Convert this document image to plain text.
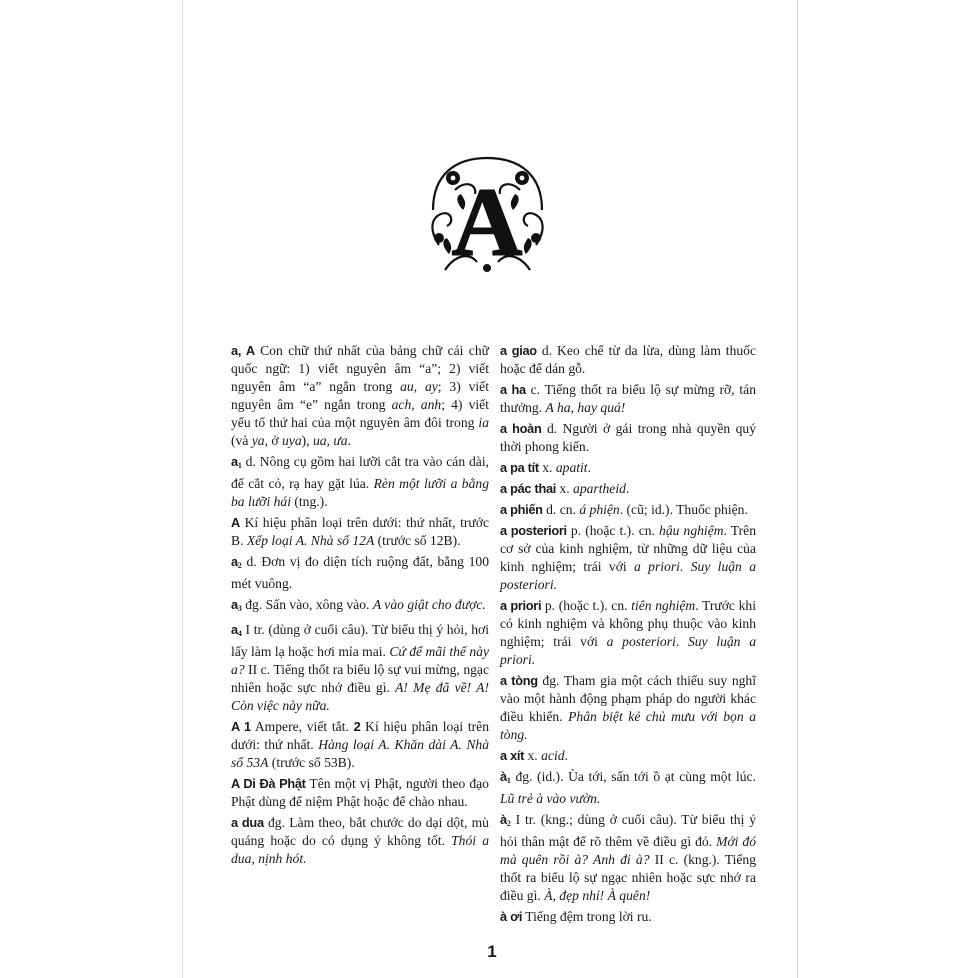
A

a, A Con chữ thứ nhất của bảng chữ cái chữ quốc ngữ: 1) viết nguyên âm “a”; 2) viết nguyên âm “a” ngắn trong au, ay; 3) viết nguyên âm “e” ngắn trong ach, anh; 4) viết yếu tố thứ hai của một nguyên âm đôi trong ia (và ya, ở uya), ua, ưa.

$a_1$ d. Nông cụ gồm hai lưỡi cắt tra vào cán dài, để cắt cỏ, rạ hay gặt lúa. Rèn một lưỡi a bằng ba lưỡi hái (tng.).

A Kí hiệu phân loại trên dưới: thứ nhất, trước B. Xếp loại A. Nhà số 12A (trước số 12B).

$a_2$ d. Đơn vị đo diện tích ruộng đất, bằng 100 mét vuông.

$a_3$ đg. Sấn vào, xông vào. A vào giật cho được.

$a_4$ I tr. (dùng ở cuối câu). Từ biểu thị ý hỏi, hơi lấy làm lạ hoặc hơi mỉa mai. Cứ để mãi thế này a? II c. Tiếng thốt ra biểu lộ sự vui mừng, ngạc nhiên hoặc sực nhớ điều gì. A! Mẹ đã về! A! Còn việc này nữa.

A 1 Ampere, viết tắt. 2 Kí hiệu phân loại trên dưới: thứ nhất. Hàng loại A. Khăn dài A. Nhà số 53A (trước số 53B).

A Di Đà Phật Tên một vị Phật, người theo đạo Phật dùng để niệm Phật hoặc để chào nhau.

a dua đg. Làm theo, bắt chước do dại dột, mù quáng hoặc do có dụng ý không tốt. Thói a dua, nịnh hót.

a giao d. Keo chế từ da lừa, dùng làm thuốc hoặc để dán gỗ.

a ha c. Tiếng thốt ra biểu lộ sự mừng rỡ, tán thưởng. A ha, hay quá!

a hoàn d. Người ở gái trong nhà quyền quý thời phong kiến.

a pa tít x. apatit.

a pác thai x. apartheid.

a phiến d. cn. á phiện. (cũ; id.). Thuốc phiện.

a posteriori p. (hoặc t.). cn. hậu nghiệm. Trên cơ sở của kinh nghiệm, từ những dữ liệu của kinh nghiệm; trái với a priori. Suy luận a posteriori.

a priori p. (hoặc t.). cn. tiên nghiệm. Trước khi có kinh nghiệm và không phụ thuộc vào kinh nghiệm; trái với a posteriori. Suy luận a priori.

a tòng đg. Tham gia một cách thiếu suy nghĩ vào một hành động phạm pháp do người khác điều khiển. Phân biệt kẻ chủ mưu với bọn a tòng.

a xít x. acid.

$à_1$ đg. (id.). Ùa tới, sấn tới ồ ạt cùng một lúc. Lũ trẻ à vào vườn.

$à_2$ I tr. (kng.; dùng ở cuối câu). Từ biểu thị ý hỏi thân mật để rõ thêm về điều gì đó. Mới đó mà quên rồi à? Anh đi à? II c. (kng.). Tiếng thốt ra biểu lộ sự ngạc nhiên hoặc sực nhớ ra điều gì. À, đẹp nhỉ! À quên!

à ơi Tiếng đệm trong lời ru.

1
